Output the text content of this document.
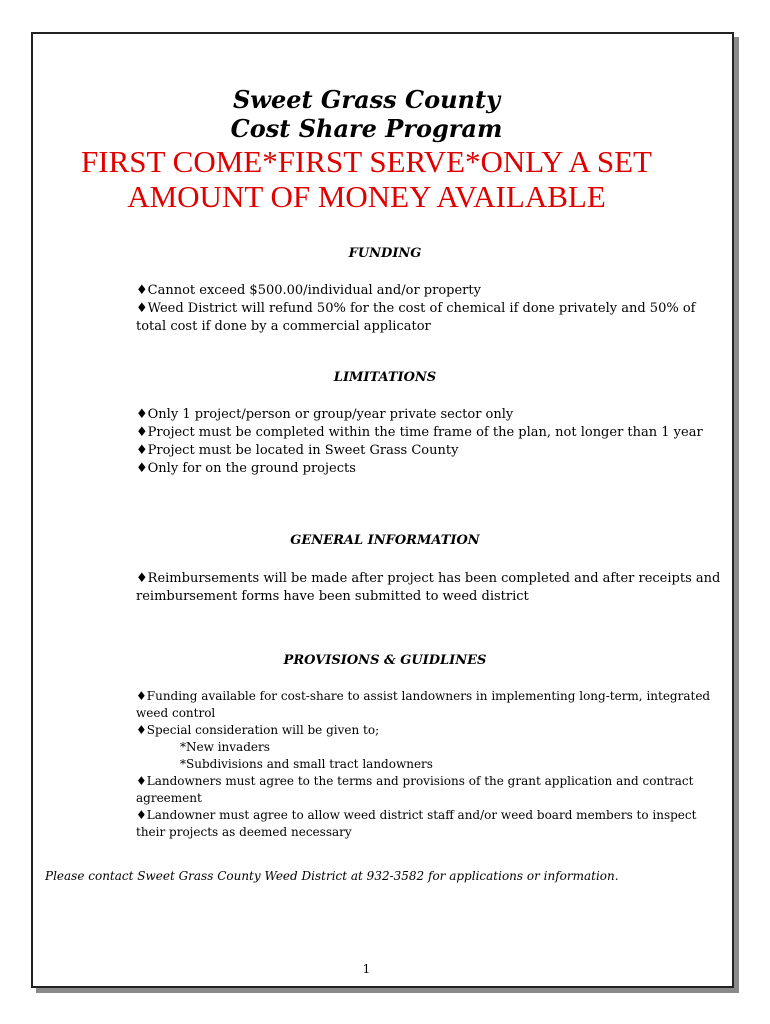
Sweet Grass County
Cost Share Program
FIRST COME*FIRST SERVE*ONLY A SET
AMOUNT OF MONEY AVAILABLE
FUNDING
♦Cannot exceed $500.00/individual and/or property
♦Weed District will refund 50% for the cost of chemical if done privately and 50% of total cost if done by a commercial applicator
LIMITATIONS
♦Only 1 project/person or group/year private sector only
♦Project must be completed within the time frame of the plan, not longer than 1 year
♦Project must be located in Sweet Grass County
♦Only for on the ground projects
GENERAL INFORMATION
♦Reimbursements will be made after project has been completed and after receipts and reimbursement forms have been submitted to weed district
PROVISIONS & GUIDLINES
♦Funding available for cost-share to assist landowners in implementing long-term, integrated weed control
♦Special consideration will be given to;
*New invaders
*Subdivisions and small tract landowners
♦Landowners must agree to the terms and provisions of the grant application and contract agreement
♦Landowner must agree to allow weed district staff and/or weed board members to inspect their projects as deemed necessary
Please contact Sweet Grass County Weed District at 932-3582 for applications or information.
1
